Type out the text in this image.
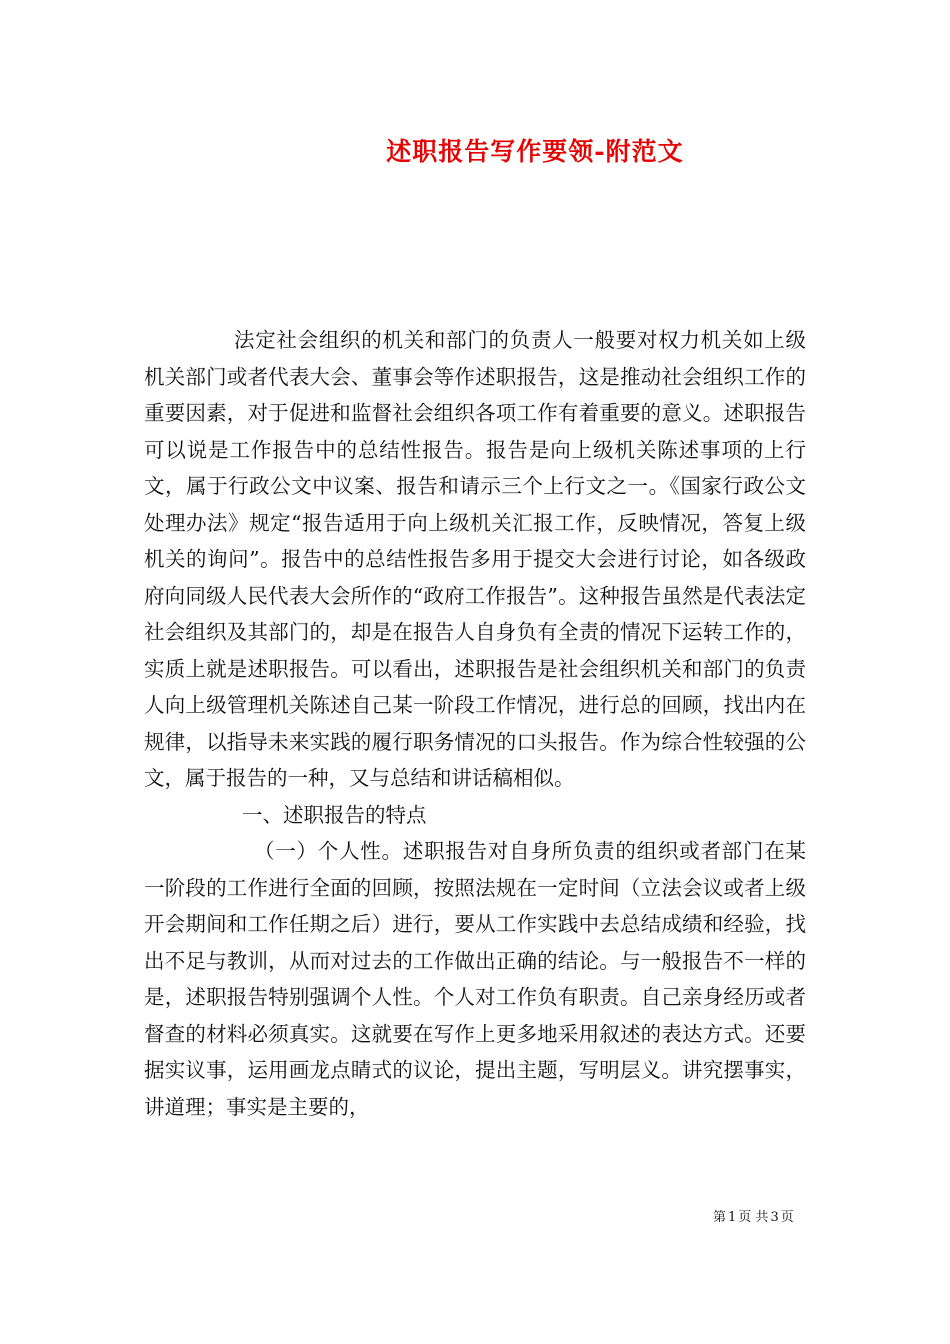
述职报告写作要领-附范文

法定社会组织的机关和部门的负责人一般要对权力机关如上级机关部门或者代表大会、董事会等作述职报告，这是推动社会组织工作的重要因素，对于促进和监督社会组织各项工作有着重要的意义。述职报告可以说是工作报告中的总结性报告。报告是向上级机关陈述事项的上行文，属于行政公文中议案、报告和请示三个上行文之一。《国家行政公文处理办法》规定“报告适用于向上级机关汇报工作，反映情况，答复上级机关的询问”。报告中的总结性报告多用于提交大会进行讨论，如各级政府向同级人民代表大会所作的“政府工作报告”。这种报告虽然是代表法定社会组织及其部门的，却是在报告人自身负有全责的情况下运转工作的，实质上就是述职报告。可以看出，述职报告是社会组织机关和部门的负责人向上级管理机关陈述自己某一阶段工作情况，进行总的回顾，找出内在规律，以指导未来实践的履行职务情况的口头报告。作为综合性较强的公文，属于报告的一种，又与总结和讲话稿相似。

一、述职报告的特点

（一）个人性。述职报告对自身所负责的组织或者部门在某一阶段的工作进行全面的回顾，按照法规在一定时间（立法会议或者上级开会期间和工作任期之后）进行，要从工作实践中去总结成绩和经验，找出不足与教训，从而对过去的工作做出正确的结论。与一般报告不一样的是，述职报告特别强调个人性。个人对工作负有职责。自己亲身经历或者督查的材料必须真实。这就要在写作上更多地采用叙述的表达方式。还要据实议事，运用画龙点睛式的议论，提出主题，写明层义。讲究摆事实，讲道理；事实是主要的，

第 1 页 共 3 页
